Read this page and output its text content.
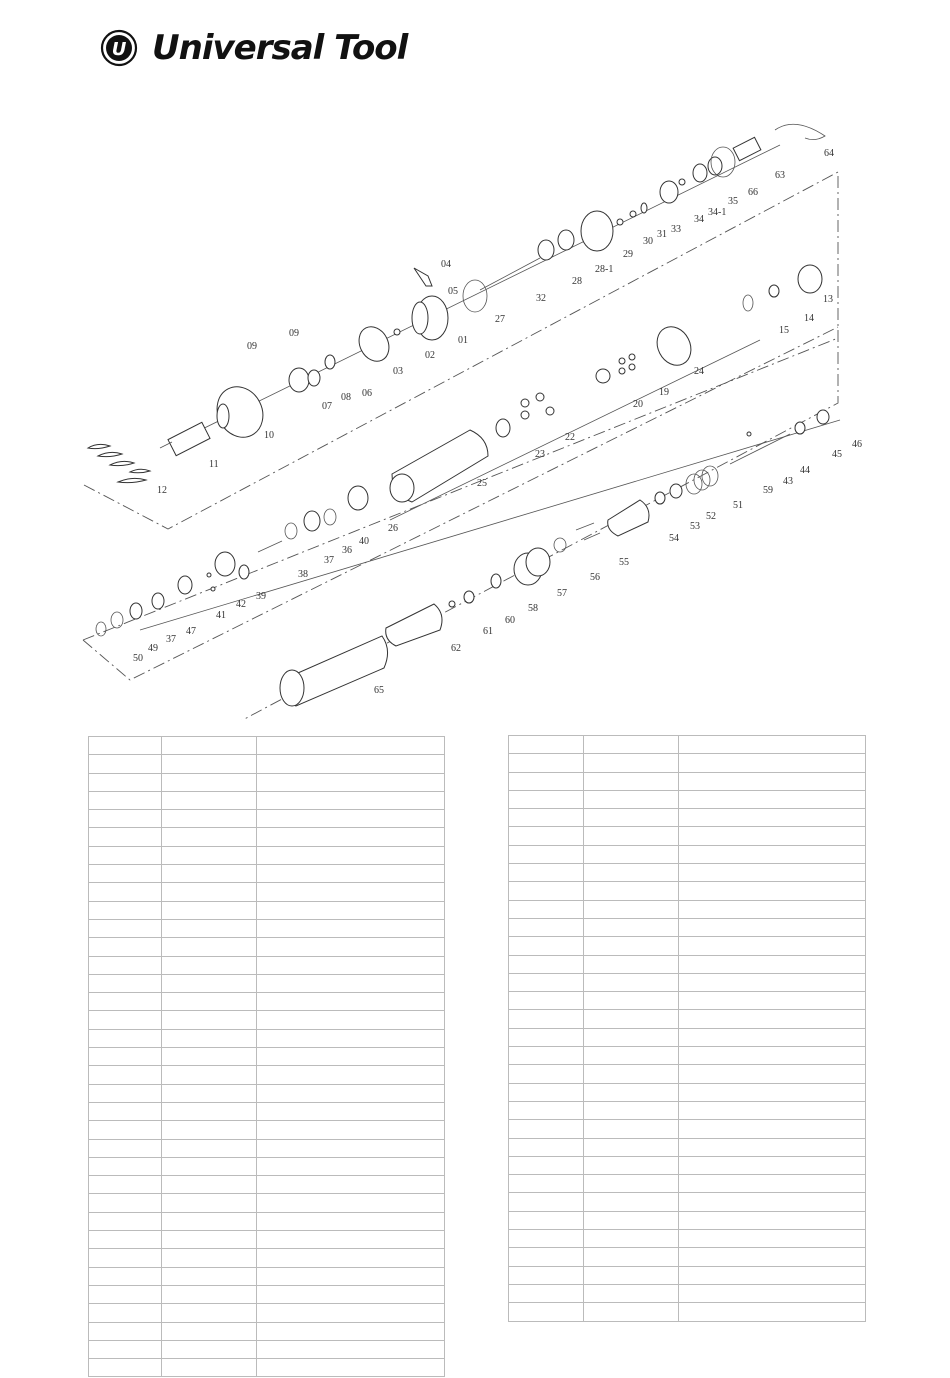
U Universal Tool
01
02
03
04
05
06
07
08
09
09
10
11
12
13
14
15
19
20
22
23
24
25
26
27
28
28-1
29
30
31
32
33
34
34-1
35
36
37
37
38
39
40
41
42
43
44
45
46
47
49
50
51
52
53
54
55
56
57
58
59
60
61
62
63
64
65
66
